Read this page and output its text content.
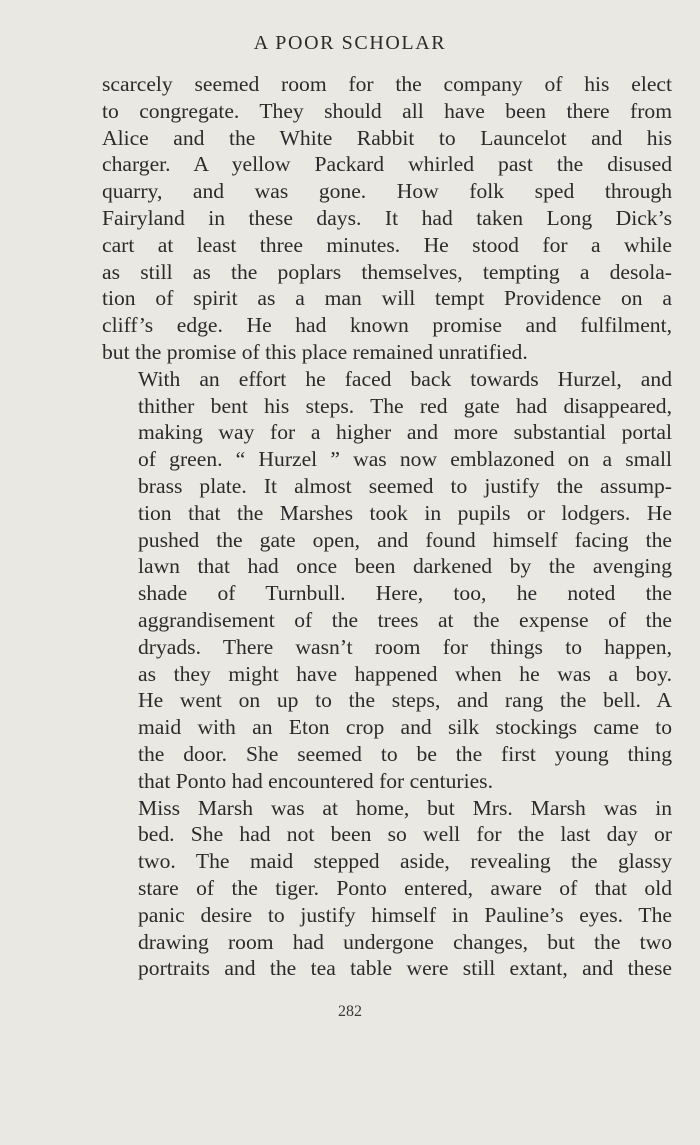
A POOR SCHOLAR

scarcely seemed room for the company of his elect
to congregate. They should all have been there from
Alice and the White Rabbit to Launcelot and his
charger. A yellow Packard whirled past the disused
quarry, and was gone. How folk sped through
Fairyland in these days. It had taken Long Dick’s
cart at least three minutes. He stood for a while
as still as the poplars themselves, tempting a desola-
tion of spirit as a man will tempt Providence on a
cliff’s edge. He had known promise and fulfilment,
but the promise of this place remained unratified.

With an effort he faced back towards Hurzel, and
thither bent his steps. The red gate had disappeared,
making way for a higher and more substantial portal
of green. “ Hurzel ” was now emblazoned on a small
brass plate. It almost seemed to justify the assump-
tion that the Marshes took in pupils or lodgers. He
pushed the gate open, and found himself facing the
lawn that had once been darkened by the avenging
shade of Turnbull. Here, too, he noted the
aggrandisement of the trees at the expense of the
dryads. There wasn’t room for things to happen,
as they might have happened when he was a boy.
He went on up to the steps, and rang the bell. A
maid with an Eton crop and silk stockings came to
the door. She seemed to be the first young thing
that Ponto had encountered for centuries.

Miss Marsh was at home, but Mrs. Marsh was in
bed. She had not been so well for the last day or
two. The maid stepped aside, revealing the glassy
stare of the tiger. Ponto entered, aware of that old
panic desire to justify himself in Pauline’s eyes. The
drawing room had undergone changes, but the two
portraits and the tea table were still extant, and these

282
